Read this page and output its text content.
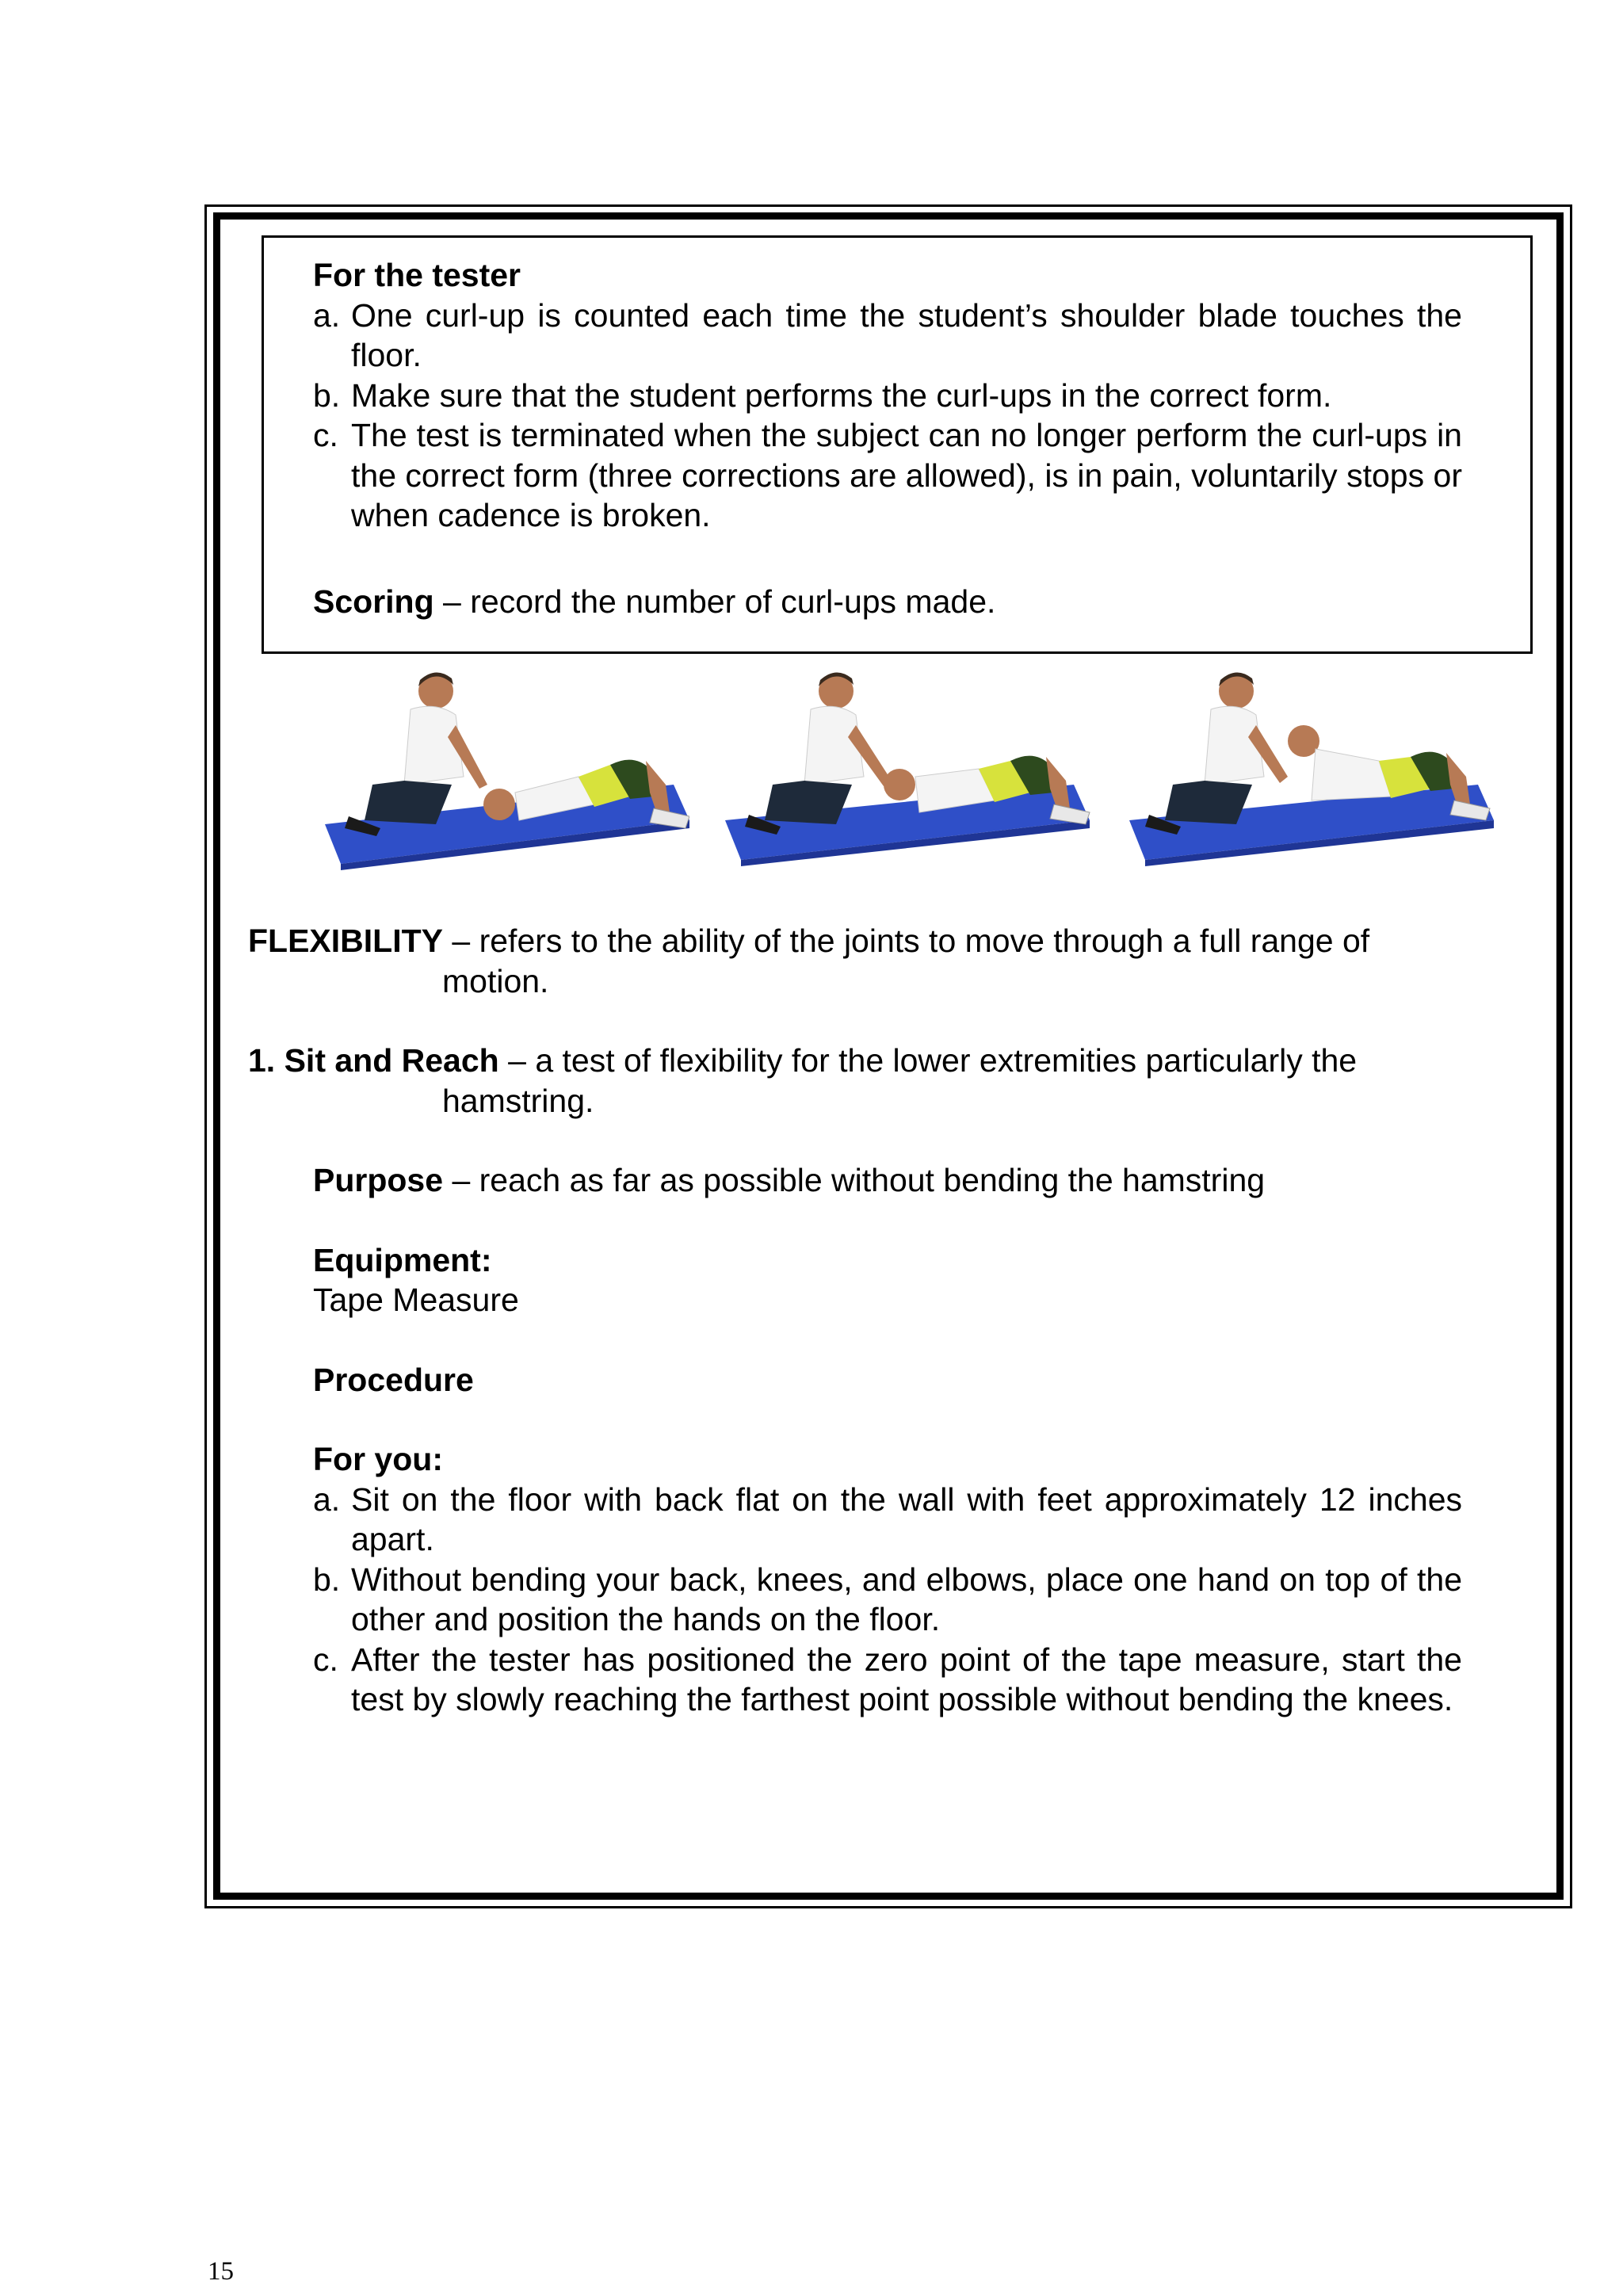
For the tester
a. One curl-up is counted each time the student’s shoulder blade touches the floor.
b. Make sure that the student performs the curl-ups in the correct form.
c. The test is terminated when the subject can no longer perform the curl-ups in the correct form (three corrections are allowed), is in pain, voluntarily stops or when cadence is broken.
Scoring – record the number of curl-ups made.
FLEXIBILITY – refers to the ability of the joints to move through a full range of
motion.
1. Sit and Reach – a test of flexibility for the lower extremities particularly the
hamstring.
Purpose – reach as far as possible without bending the hamstring
Equipment:
Tape Measure
Procedure
For you:
a. Sit on the floor with back flat on the wall with feet approximately 12 inches apart.
b. Without bending your back, knees, and elbows, place one hand on top of the other and position the hands on the floor.
c. After the tester has positioned the zero point of the tape measure, start the test by slowly reaching the farthest point possible without bending the knees.
15
